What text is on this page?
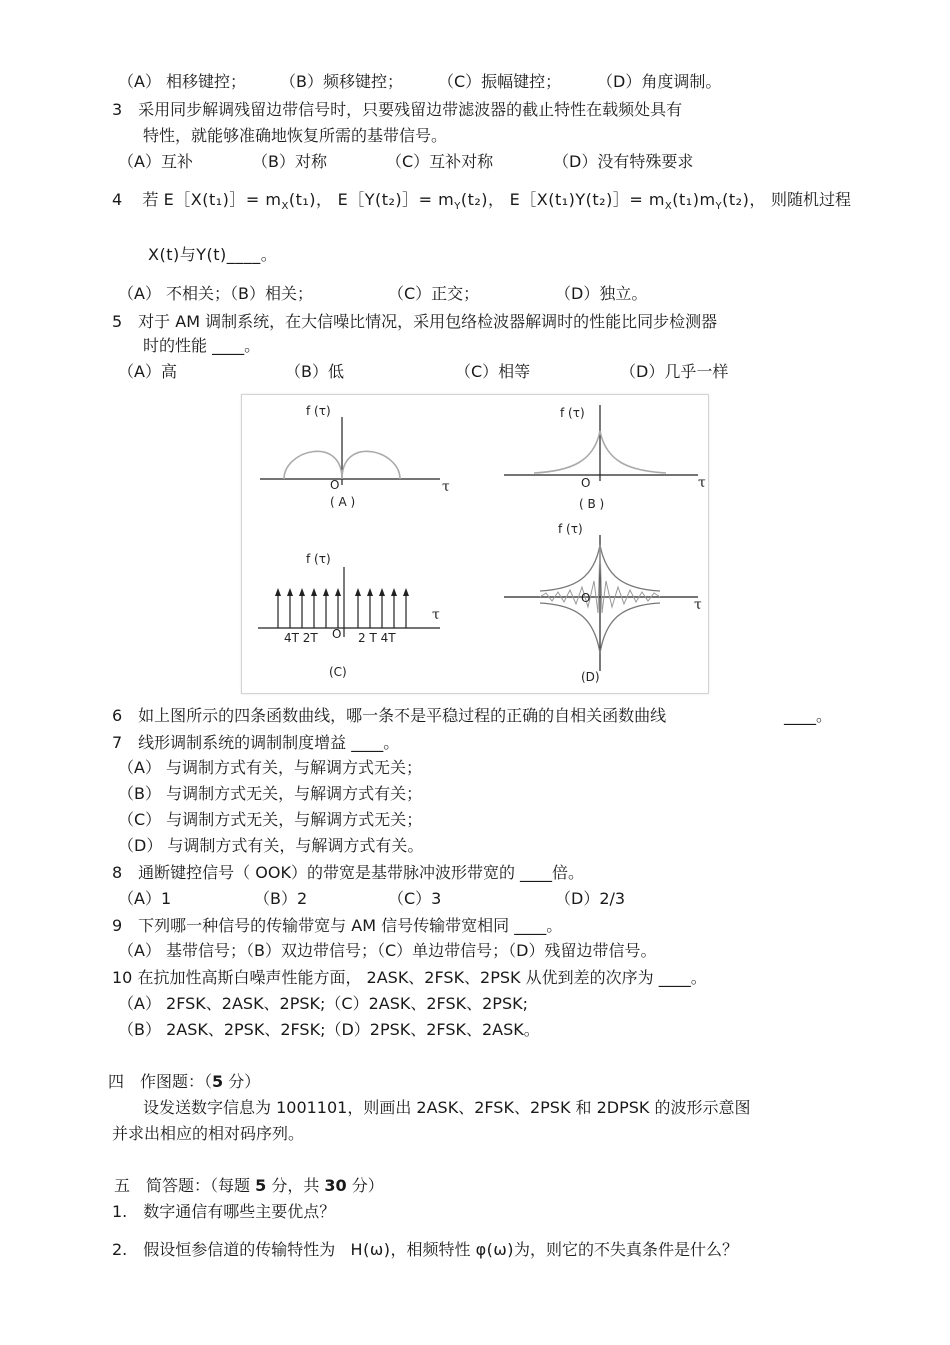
（A） 相移键控； （B）频移键控； （C）振幅键控； （D）角度调制。
3　采用同步解调残留边带信号时，只要残留边带滤波器的截止特性在载频处具有
特性，就能够准确地恢复所需的基带信号。
（A）互补	（B）对称	（C）互补对称	（D）没有特殊要求
4 若 E［X(t₁)］= $m_X(t_1)$， E［Y(t₂)］= $m_Y(t_2)$， E［X(t₁)Y(t₂)］= $m_X(t_1)m_Y(t_2)$， 则随机过程
X(t)与Y(t)____。
（A） 不相关；（B）相关；	（C）正交；	（D）独立。
5　对于 AM 调制系统，在大信噪比情况，采用包络检波器解调时的性能比同步检测器
时的性能 ____。
（A）高	（B）低	（C）相等	（D）几乎一样
f (τ)
O	τ
( A )
f (τ)
O	τ
( B )
f (τ)
O
τ
4T 2T	2 T 4T
(C)
f (τ)
O	τ
(D)
6　如上图所示的四条函数曲线，哪一条不是平稳过程的正确的自相关函数曲线	____。
7　线形调制系统的调制制度增益 ____。
（A） 与调制方式有关，与解调方式无关；
（B） 与调制方式无关，与解调方式有关；
（C） 与调制方式无关，与解调方式无关；
（D） 与调制方式有关，与解调方式有关。
8　通断键控信号（ OOK）的带宽是基带脉冲波形带宽的 ____倍。
（A）1	（B）2	（C）3	（D）2/3
9　下列哪一种信号的传输带宽与 AM 信号传输带宽相同 ____。
（A） 基带信号；（B）双边带信号；（C）单边带信号；（D）残留边带信号。
10 在抗加性高斯白噪声性能方面， 2ASK、2FSK、2PSK 从优到差的次序为 ____。
（A） 2FSK、2ASK、2PSK;（C）2ASK、2FSK、2PSK;
（B） 2ASK、2PSK、2FSK;（D）2PSK、2FSK、2ASK。
四　作图题：（5 分）
设发送数字信息为 1001101，则画出 2ASK、2FSK、2PSK 和 2DPSK 的波形示意图
并求出相应的相对码序列。
五　简答题：（每题 5 分，共 30 分）
1.　数字通信有哪些主要优点？
2.　假设恒参信道的传输特性为 H(ω)，相频特性 φ(ω)为，则它的不失真条件是什么？
